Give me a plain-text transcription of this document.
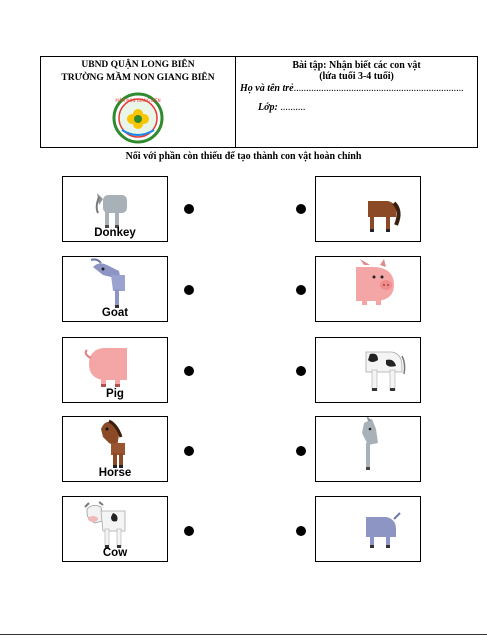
UBND QUẬN LONG BIÊN
TRƯỜNG MẦM NON GIANG BIÊN
MẦM NON GIANG BIÊN
Bài tập: Nhận biết các con vật
(lứa tuổi 3-4 tuổi)
Họ và tên trẻ....................................................................
Lớp: ..........
Nối với phần còn thiếu để tạo thành con vật hoàn chỉnh
Donkey
Goat
Pig
Horse
Cow
